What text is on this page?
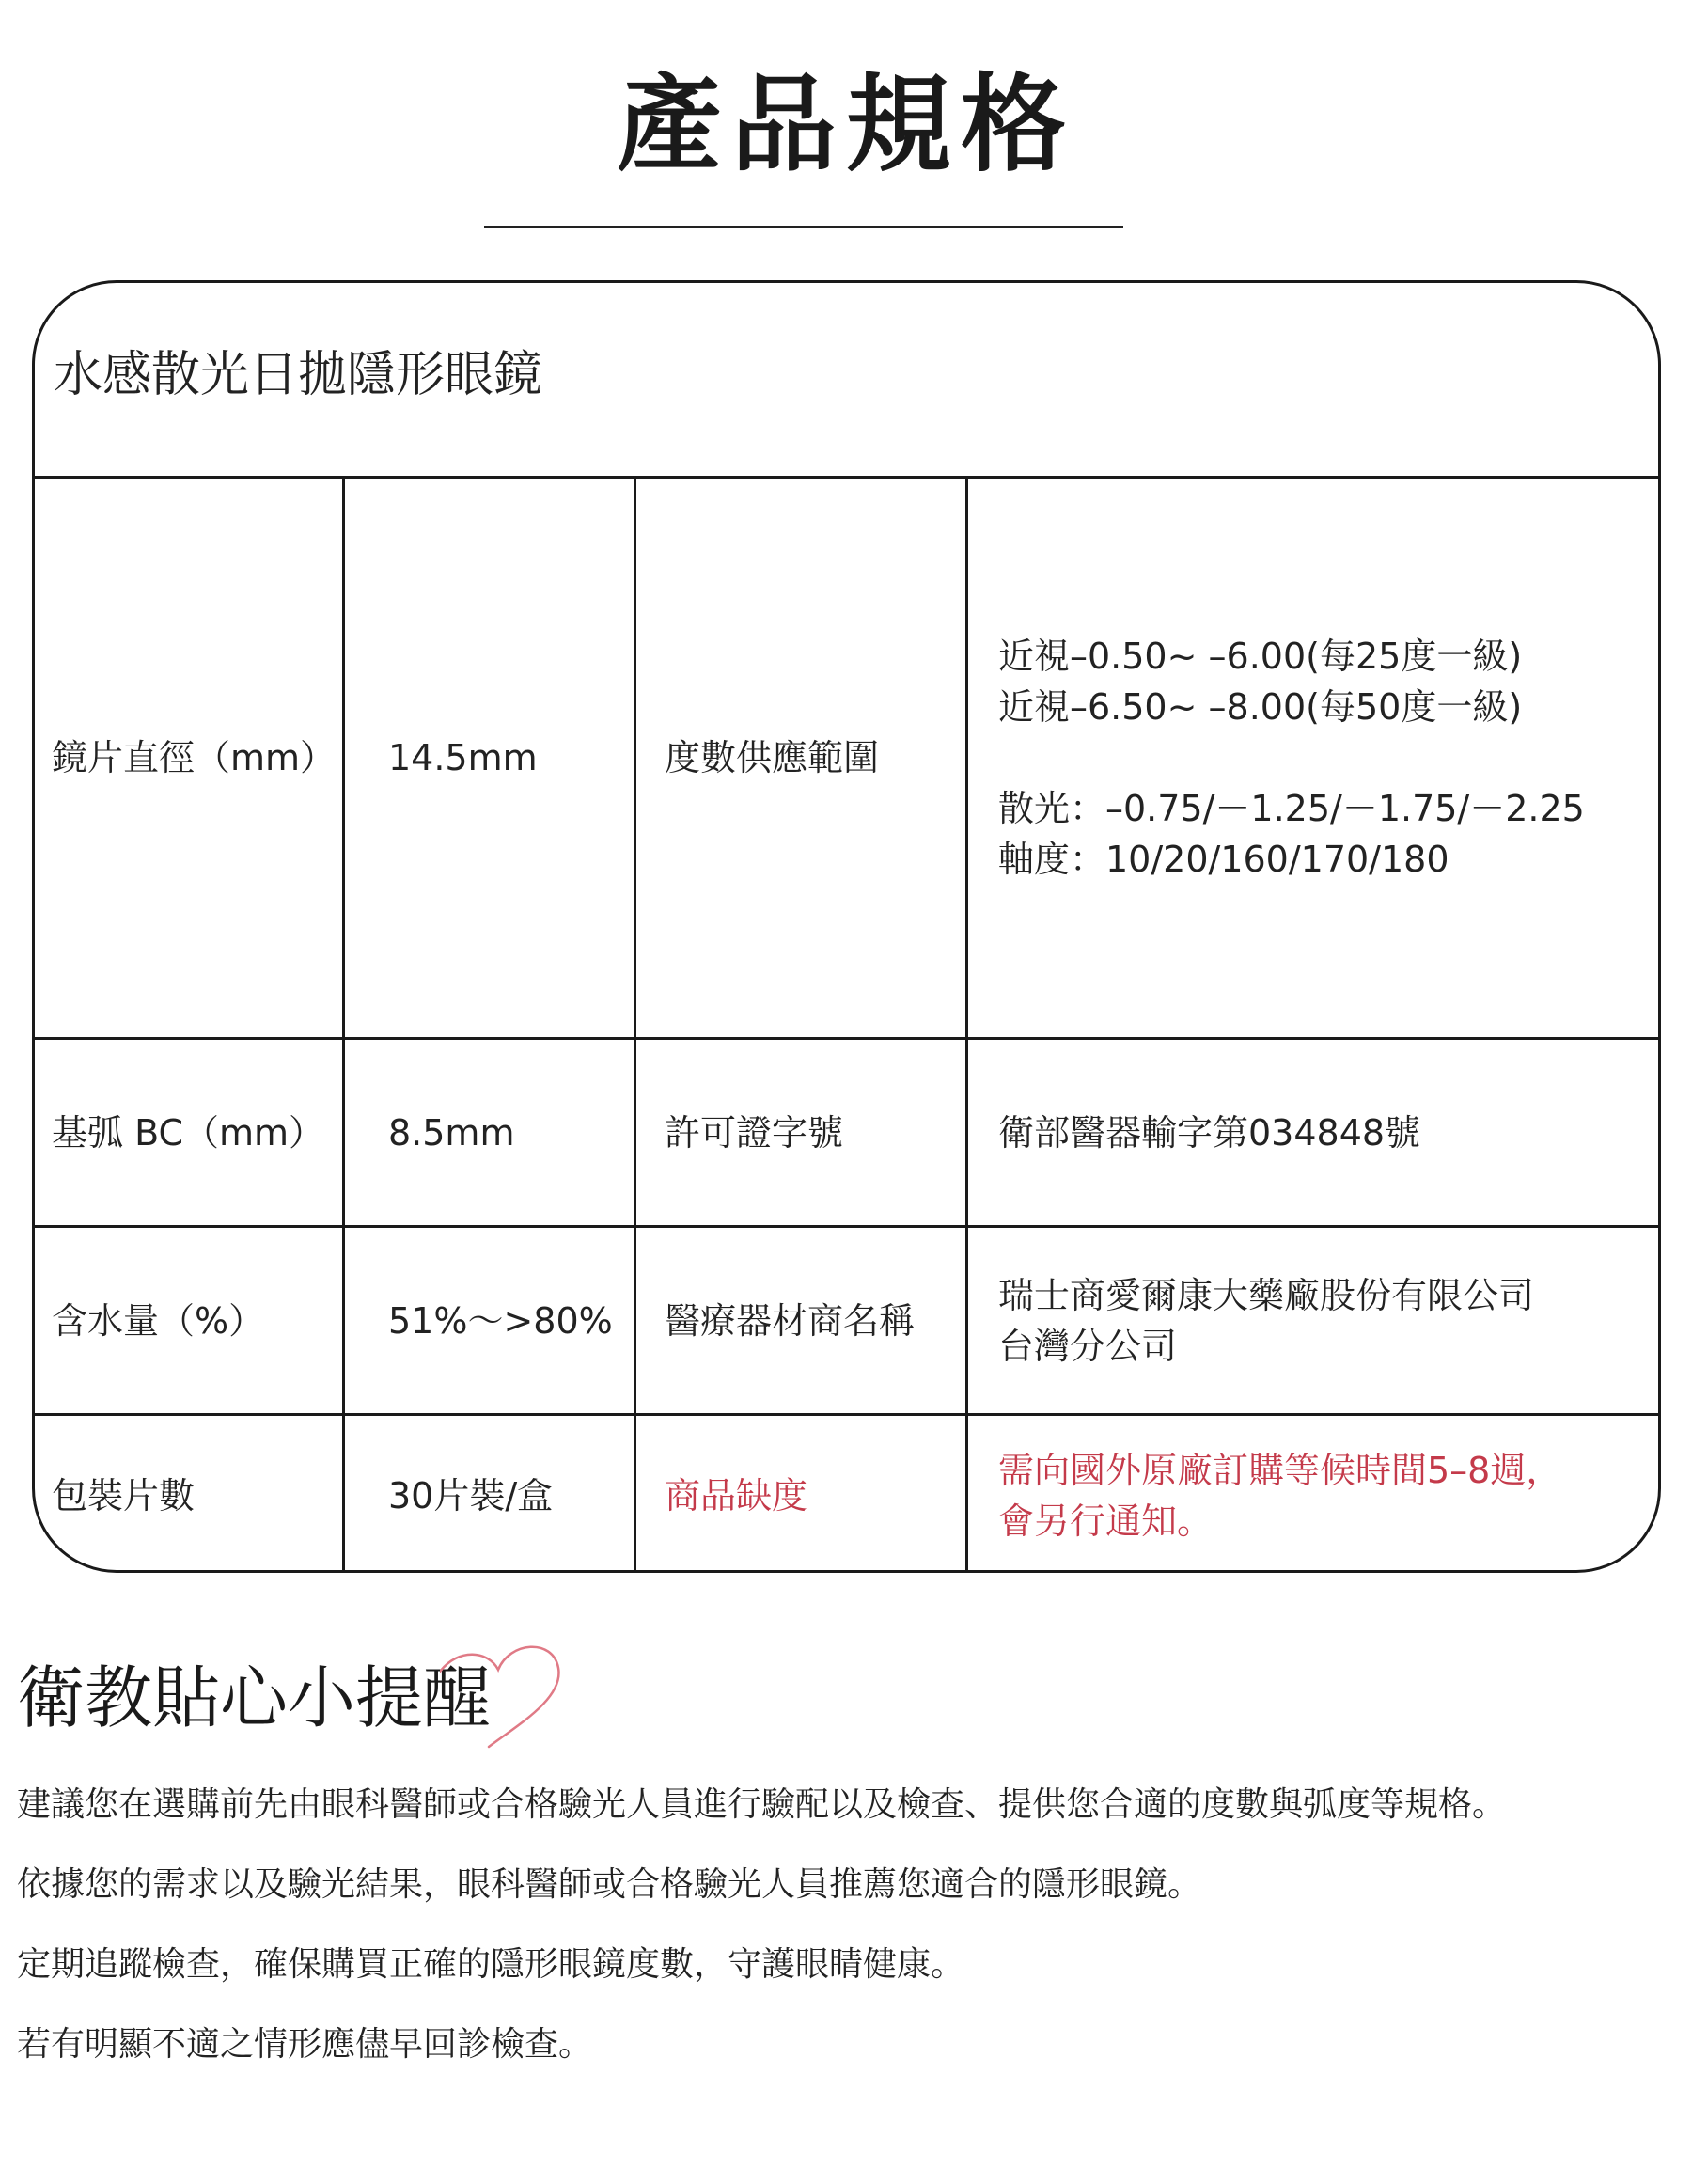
產品規格
水感散光日拋隱形眼鏡
鏡片直徑（mm） 14.5mm	度數供應範圍
近視–0.50~ –6.00(每25度一級)
近視–6.50~ –8.00(每50度一級)

散光：–0.75/－1.25/－1.75/－2.25
軸度：10/20/160/170/180
基弧 BC（mm） 8.5mm	許可證字號	衛部醫器輸字第034848號
含水量（%）	51%～>80% 醫療器材商名稱
瑞士商愛爾康大藥廠股份有限公司
台灣分公司
包裝片數	30片裝/盒	商品缺度
需向國外原廠訂購等候時間5–8週，
會另行通知。
衛教貼心小提醒
建議您在選購前先由眼科醫師或合格驗光人員進行驗配以及檢查、提供您合適的度數與弧度等規格。
依據您的需求以及驗光結果，眼科醫師或合格驗光人員推薦您適合的隱形眼鏡。
定期追蹤檢查，確保購買正確的隱形眼鏡度數，守護眼睛健康。
若有明顯不適之情形應儘早回診檢查。
